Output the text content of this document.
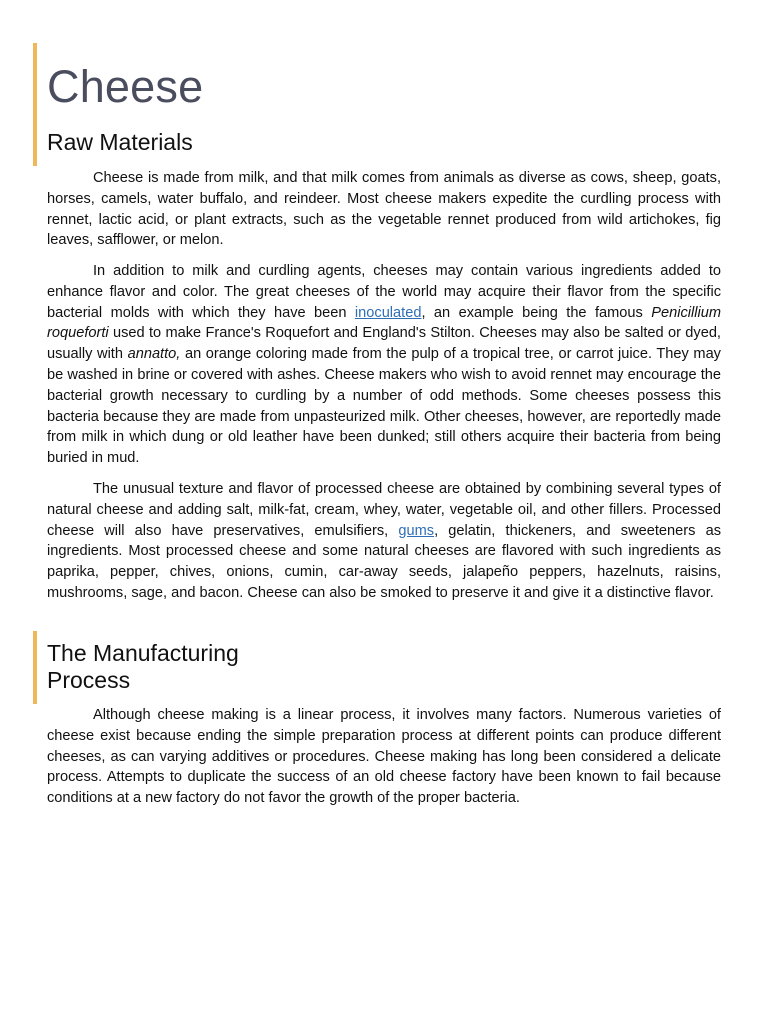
Cheese
Raw Materials

Cheese is made from milk, and that milk comes from animals as diverse as cows, sheep, goats, horses, camels, water buffalo, and reindeer. Most cheese makers expedite the curdling process with rennet, lactic acid, or plant extracts, such as the vegetable rennet produced from wild artichokes, fig leaves, safflower, or melon.

In addition to milk and curdling agents, cheeses may contain various ingredients added to enhance flavor and color. The great cheeses of the world may acquire their flavor from the specific bacterial molds with which they have been inoculated, an example being the famous Penicillium roqueforti used to make France's Roquefort and England's Stilton. Cheeses may also be salted or dyed, usually with annatto, an orange coloring made from the pulp of a tropical tree, or carrot juice. They may be washed in brine or covered with ashes. Cheese makers who wish to avoid rennet may encourage the bacterial growth necessary to curdling by a number of odd methods. Some cheeses possess this bacteria because they are made from unpasteurized milk. Other cheeses, however, are reportedly made from milk in which dung or old leather have been dunked; still others acquire their bacteria from being buried in mud.

The unusual texture and flavor of processed cheese are obtained by combining several types of natural cheese and adding salt, milk-fat, cream, whey, water, vegetable oil, and other fillers. Processed cheese will also have preservatives, emulsifiers, gums, gelatin, thickeners, and sweeteners as ingredients. Most processed cheese and some natural cheeses are flavored with such ingredients as paprika, pepper, chives, onions, cumin, car-away seeds, jalapeño peppers, hazelnuts, raisins, mushrooms, sage, and bacon. Cheese can also be smoked to preserve it and give it a distinctive flavor.

The Manufacturing Process

Although cheese making is a linear process, it involves many factors. Numerous varieties of cheese exist because ending the simple preparation process at different points can produce different cheeses, as can varying additives or procedures. Cheese making has long been considered a delicate process. Attempts to duplicate the success of an old cheese factory have been known to fail because conditions at a new factory do not favor the growth of the proper bacteria.
